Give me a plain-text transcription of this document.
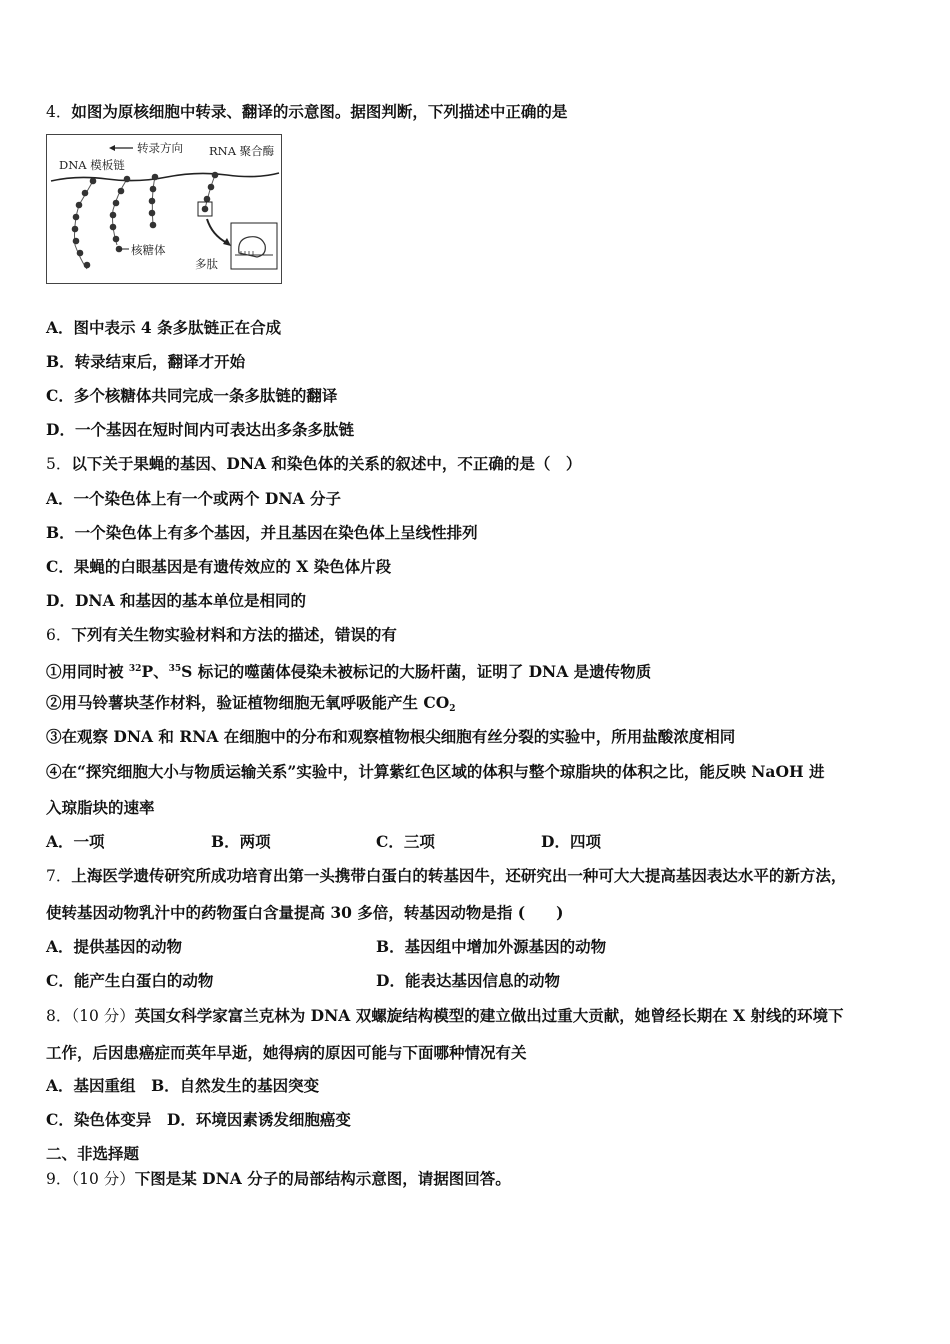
4．如图为原核细胞中转录、翻译的示意图。据图判断，下列描述中正确的是
转录方向 RNA 聚合酶
DNA 模板链
核糖体
多肽
A．图中表示 4 条多肽链正在合成
B．转录结束后，翻译才开始
C．多个核糖体共同完成一条多肽链的翻译
D．一个基因在短时间内可表达出多条多肽链
5．以下关于果蝇的基因、DNA 和染色体的关系的叙述中，不正确的是（　）
A．一个染色体上有一个或两个 DNA 分子
B．一个染色体上有多个基因，并且基因在染色体上呈线性排列
C．果蝇的白眼基因是有遗传效应的 X 染色体片段
D．DNA 和基因的基本单位是相同的
6．下列有关生物实验材料和方法的描述，错误的有
①用同时被 $^{32}$P、$^{35}$S 标记的噬菌体侵染未被标记的大肠杆菌，证明了 DNA 是遗传物质
②用马铃薯块茎作材料，验证植物细胞无氧呼吸能产生 $CO_2$
③在观察 DNA 和 RNA 在细胞中的分布和观察植物根尖细胞有丝分裂的实验中，所用盐酸浓度相同
④在“探究细胞大小与物质运输关系”实验中，计算紫红色区域的体积与整个琼脂块的体积之比，能反映 NaOH 进
入琼脂块的速率
A．一项	B．两项	C．三项	D．四项
7．上海医学遗传研究所成功培育出第一头携带白蛋白的转基因牛，还研究出一种可大大提高基因表达水平的新方法，
使转基因动物乳汁中的药物蛋白含量提高 30 多倍，转基因动物是指 (　　)
A．提供基因的动物	B．基因组中增加外源基因的动物
C．能产生白蛋白的动物	D．能表达基因信息的动物
8．（10 分）英国女科学家富兰克林为 DNA 双螺旋结构模型的建立做出过重大贡献，她曾经长期在 X 射线的环境下
工作，后因患癌症而英年早逝，她得病的原因可能与下面哪种情况有关
A．基因重组　 B．自然发生的基因突变
C．染色体变异　 D．环境因素诱发细胞癌变
二、非选择题
9．（10 分）下图是某 DNA 分子的局部结构示意图，请据图回答。
